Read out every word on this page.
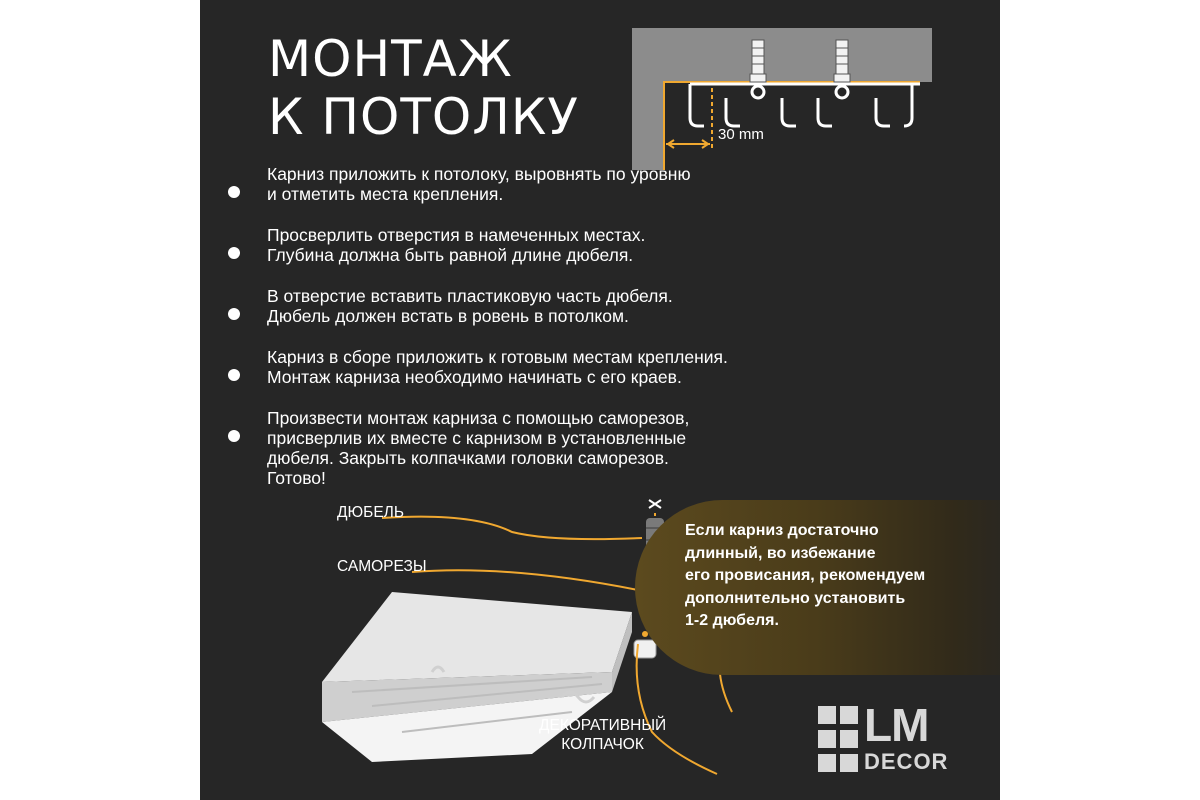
МОНТАЖ
К ПОТОЛКУ	30 mm
Карниз приложить к потолоку, выровнять по уровню
и отметить места крепления.
Просверлить отверстия в намеченных местах.
Глубина должна быть равной длине дюбеля.
В отверстие вставить пластиковую часть дюбеля.
Дюбель должен встать в ровень в потолком.
Карниз в сборе приложить к готовым местам крепления.
Монтаж карниза необходимо начинать с его краев.
Произвести монтаж карниза с помощью саморезов,
присверлив их вместе с карнизом в установленные
дюбеля. Закрыть колпачками головки саморезов.
Готово!
ДЮБЕЛЬ
САМОРЕЗЫ
ДЕКОРАТИВНЫЙ
КОЛПАЧОК
Если карниз достаточно
длинный, во избежание
его провисания, рекомендуем
дополнительно установить
1-2 дюбеля.
LM
DECOR
